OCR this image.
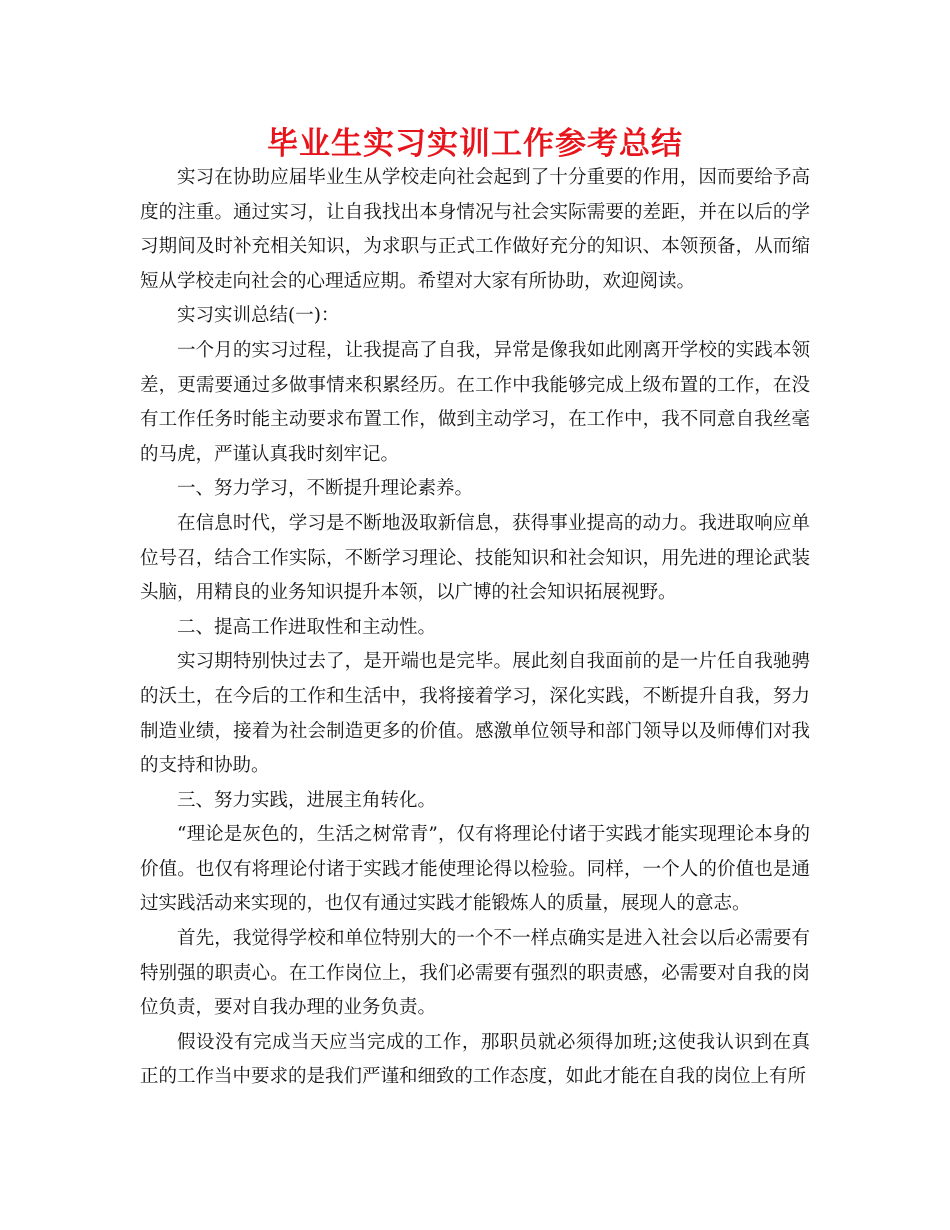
毕业生实习实训工作参考总结

实习在协助应届毕业生从学校走向社会起到了十分重要的作用，因而要给予高度的注重。通过实习，让自我找出本身情况与社会实际需要的差距，并在以后的学习期间及时补充相关知识，为求职与正式工作做好充分的知识、本领预备，从而缩短从学校走向社会的心理适应期。希望对大家有所协助，欢迎阅读。

实习实训总结(一)：

一个月的实习过程，让我提高了自我，异常是像我如此刚离开学校的实践本领差，更需要通过多做事情来积累经历。在工作中我能够完成上级布置的工作，在没有工作任务时能主动要求布置工作，做到主动学习，在工作中，我不同意自我丝毫的马虎，严谨认真我时刻牢记。

一、努力学习，不断提升理论素养。

在信息时代，学习是不断地汲取新信息，获得事业提高的动力。我进取响应单位号召，结合工作实际，不断学习理论、技能知识和社会知识，用先进的理论武装头脑，用精良的业务知识提升本领，以广博的社会知识拓展视野。

二、提高工作进取性和主动性。

实习期特别快过去了，是开端也是完毕。展此刻自我面前的是一片任自我驰骋的沃土，在今后的工作和生活中，我将接着学习，深化实践，不断提升自我，努力制造业绩，接着为社会制造更多的价值。感激单位领导和部门领导以及师傅们对我的支持和协助。

三、努力实践，进展主角转化。

“理论是灰色的，生活之树常青”，仅有将理论付诸于实践才能实现理论本身的价值。也仅有将理论付诸于实践才能使理论得以检验。同样，一个人的价值也是通过实践活动来实现的，也仅有通过实践才能锻炼人的质量，展现人的意志。

首先，我觉得学校和单位特别大的一个不一样点确实是进入社会以后必需要有特别强的职责心。在工作岗位上，我们必需要有强烈的职责感，必需要对自我的岗位负责，要对自我办理的业务负责。

假设没有完成当天应当完成的工作，那职员就必须得加班;这使我认识到在真正的工作当中要求的是我们严谨和细致的工作态度，如此才能在自我的岗位上有所
